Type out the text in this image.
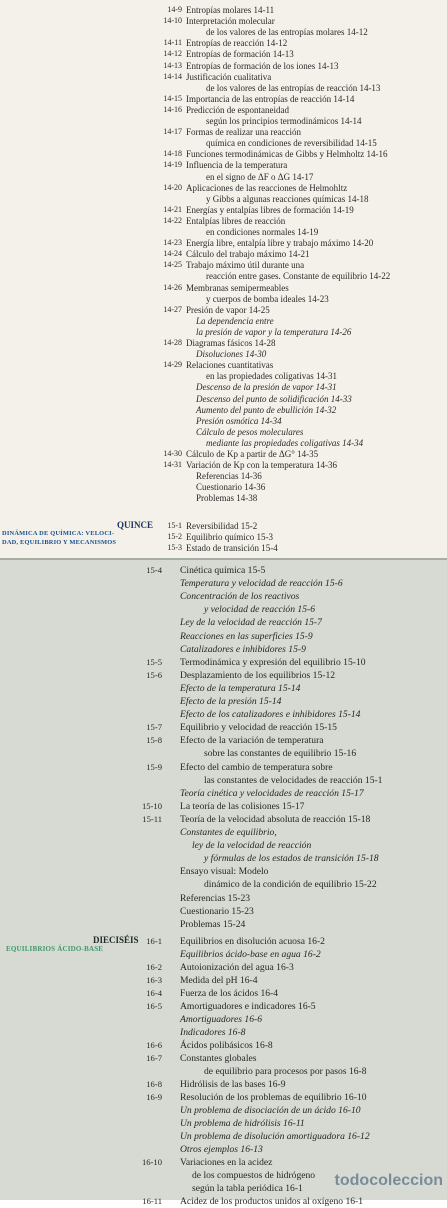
14-9 Entropías molares 14-11
14-10 Interpretación molecular
de los valores de las entropías molares 14-12
14-11 Entropías de reacción 14-12
14-12 Entropías de formación 14-13
14-13 Entropías de formación de los iones 14-13
14-14 Justificación cualitativa
de los valores de las entropías de reacción 14-13
14-15 Importancia de las entropías de reacción 14-14
14-16 Predicción de espontaneidad
según los principios termodinámicos 14-14
14-17 Formas de realizar una reacción
química en condiciones de reversibilidad 14-15
14-18 Funciones termodinámicas de Gibbs y Helmholtz 14-16
14-19 Influencia de la temperatura
en el signo de ΔF o ΔG 14-17
14-20 Aplicaciones de las reacciones de Helmohltz
y Gibbs a algunas reacciones químicas 14-18
14-21 Energías y entalpías libres de formación 14-19
14-22 Entalpías libres de reacción
en condiciones normales 14-19
14-23 Energía libre, entalpía libre y trabajo máximo 14-20
14-24 Cálculo del trabajo máximo 14-21
14-25 Trabajo máximo útil durante una
reacción entre gases. Constante de equilibrio 14-22
14-26 Membranas semipermeables
y cuerpos de bomba ideales 14-23
14-27 Presión de vapor 14-25
La dependencia entre
la presión de vapor y la temperatura 14-26
14-28 Diagramas fásicos 14-28
Disoluciones 14-30
14-29 Relaciones cuantitativas
en las propiedades coligativas 14-31
Descenso de la presión de vapor 14-31
Descenso del punto de solidificación 14-33
Aumento del punto de ebullición 14-32
Presión osmótica 14-34
Cálculo de pesos moleculares
mediante las propiedades coligativas 14-34
14-30 Cálculo de Kp a partir de ΔG° 14-35
14-31 Variación de Kp con la temperatura 14-36
Referencias 14-36
Cuestionario 14-36
Problemas 14-38
QUINCE
DINÁMICA DE QUÍMICA: VELOCI-
DAD, EQUILIBRIO Y MECANISMOS
15-1 Reversibilidad 15-2
15-2 Equilibrio químico 15-3
15-3 Estado de transición 15-4
15-4 Cinética química 15-5
Temperatura y velocidad de reacción 15-6
Concentración de los reactivos
y velocidad de reacción 15-6
Ley de la velocidad de reacción 15-7
Reacciones en las superficies 15-9
Catalizadores e inhibidores 15-9
15-5 Termodinámica y expresión del equilibrio 15-10
15-6 Desplazamiento de los equilibrios 15-12
Efecto de la temperatura 15-14
Efecto de la presión 15-14
Efecto de los catalizadores e inhibidores 15-14
15-7 Equilibrio y velocidad de reacción 15-15
15-8 Efecto de la variación de temperatura
sobre las constantes de equilibrio 15-16
15-9 Efecto del cambio de temperatura sobre
las constantes de velocidades de reacción 15-1
Teoría cinética y velocidades de reacción 15-17
15-10 La teoría de las colisiones 15-17
15-11 Teoría de la velocidad absoluta de reacción 15-18
Constantes de equilibrio,
ley de la velocidad de reacción
y fórmulas de los estados de transición 15-18
Ensayo visual: Modelo
dinámico de la condición de equilibrio 15-22
Referencias 15-23
Cuestionario 15-23
Problemas 15-24
DIECISÉIS
EQUILIBRIOS ÁCIDO-BASE
16-1 Equilibrios en disolución acuosa 16-2
Equilibrios ácido-base en agua 16-2
16-2 Autoionización del agua 16-3
16-3 Medida del pH 16-4
16-4 Fuerza de los ácidos 16-4
16-5 Amortiguadores e indicadores 16-5
Amortiguadores 16-6
Indicadores 16-8
16-6 Ácidos polibásicos 16-8
16-7 Constantes globales
de equilibrio para procesos por pasos 16-8
16-8 Hidrólisis de las bases 16-9
16-9 Resolución de los problemas de equilibrio 16-10
Un problema de disociación de un ácido 16-10
Un problema de hidrólisis 16-11
Un problema de disolución amortiguadora 16-12
Otros ejemplos 16-13
16-10 Variaciones en la acidez
de los compuestos de hidrógeno
según la tabla periódica 16-1
16-11 Acidez de los productos unidos al oxígeno 16-1
todocoleccion
